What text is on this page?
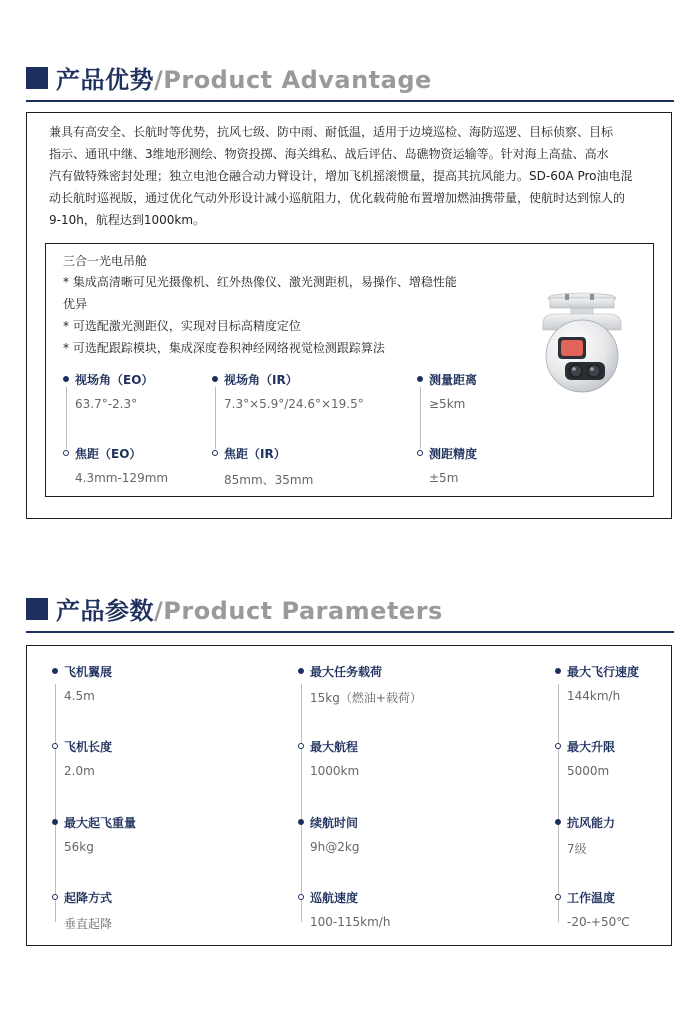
产品优势/Product Advantage
兼具有高安全、长航时等优势，抗风七级、防中雨、耐低温，适用于边境巡检、海防巡逻、目标侦察、目标
指示、通讯中继、3维地形测绘、物资投掷、海关缉私、战后评估、岛礁物资运输等。针对海上高盐、高水
汽有做特殊密封处理；独立电池仓融合动力臂设计，增加飞机摇滚惯量，提高其抗风能力。SD-60A Pro油电混
动长航时巡视版，通过优化气动外形设计减小巡航阻力，优化载荷舱布置增加燃油携带量，使航时达到惊人的
9-10h，航程达到1000km。
三合一光电吊舱
* 集成高清晰可见光摄像机、红外热像仪、激光测距机，易操作、增稳性能
优异
* 可选配激光测距仪，实现对目标高精度定位
* 可选配跟踪模块，集成深度卷积神经网络视觉检测跟踪算法
视场角（EO）
63.7°-2.3°
焦距（EO）
4.3mm-129mm
视场角（IR）
7.3°×5.9°/24.6°×19.5°
焦距（IR）
85mm、35mm
测量距离
≥5km
测距精度
±5m
产品参数/Product Parameters
飞机翼展
4.5m
飞机长度
2.0m
最大起飞重量
56kg
起降方式
垂直起降
最大任务载荷
15kg（燃油+载荷）
最大航程
1000km
续航时间
9h@2kg
巡航速度
100-115km/h
最大飞行速度
144km/h
最大升限
5000m
抗风能力
7级
工作温度
-20-+50℃
